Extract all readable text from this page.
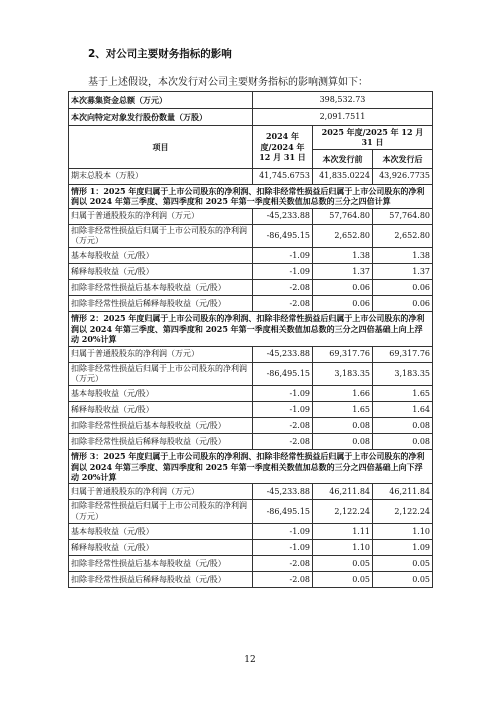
2、对公司主要财务指标的影响
基于上述假设，本次发行对公司主要财务指标的影响测算如下：
本次募集资金总额（万元）	398,532.73		
本次向特定对象发行股份数量（万股）	2,091.7511		
项目	2024 年度/2024 年 12 月 31 日	2025 年度/2025 年 12 月 31 日	
		本次发行前	本次发行后
期末总股本（万股）	41,745.6753	41,835.0224	43,926.7735
情形 1：2025 年度归属于上市公司股东的净利润、扣除非经常性损益后归属于上市公司股东的净利润以 2024 年第三季度、第四季度和 2025 年第一季度相关数值加总数的三分之四倍计算			
归属于普通股股东的净利润（万元）	-45,233.88	57,764.80	57,764.80
扣除非经常性损益后归属于上市公司股东的净利润（万元）	-86,495.15	2,652.80	2,652.80
基本每股收益（元/股）	-1.09	1.38	1.38
稀释每股收益（元/股）	-1.09	1.37	1.37
扣除非经常性损益后基本每股收益（元/股）	-2.08	0.06	0.06
扣除非经常性损益后稀释每股收益（元/股）	-2.08	0.06	0.06
情形 2：2025 年度归属于上市公司股东的净利润、扣除非经常性损益后归属于上市公司股东的净利润以 2024 年第三季度、第四季度和 2025 年第一季度相关数值加总数的三分之四倍基础上向上浮动 20%计算			
归属于普通股股东的净利润（万元）	-45,233.88	69,317.76	69,317.76
扣除非经常性损益后归属于上市公司股东的净利润（万元）	-86,495.15	3,183.35	3,183.35
基本每股收益（元/股）	-1.09	1.66	1.65
稀释每股收益（元/股）	-1.09	1.65	1.64
扣除非经常性损益后基本每股收益（元/股）	-2.08	0.08	0.08
扣除非经常性损益后稀释每股收益（元/股）	-2.08	0.08	0.08
情形 3：2025 年度归属于上市公司股东的净利润、扣除非经常性损益后归属于上市公司股东的净利润以 2024 年第三季度、第四季度和 2025 年第一季度相关数值加总数的三分之四倍基础上向下浮动 20%计算			
归属于普通股股东的净利润（万元）	-45,233.88	46,211.84	46,211.84
扣除非经常性损益后归属于上市公司股东的净利润（万元）	-86,495.15	2,122.24	2,122.24
基本每股收益（元/股）	-1.09	1.11	1.10
稀释每股收益（元/股）	-1.09	1.10	1.09
扣除非经常性损益后基本每股收益（元/股）	-2.08	0.05	0.05
扣除非经常性损益后稀释每股收益（元/股）	-2.08	0.05	0.05
12
